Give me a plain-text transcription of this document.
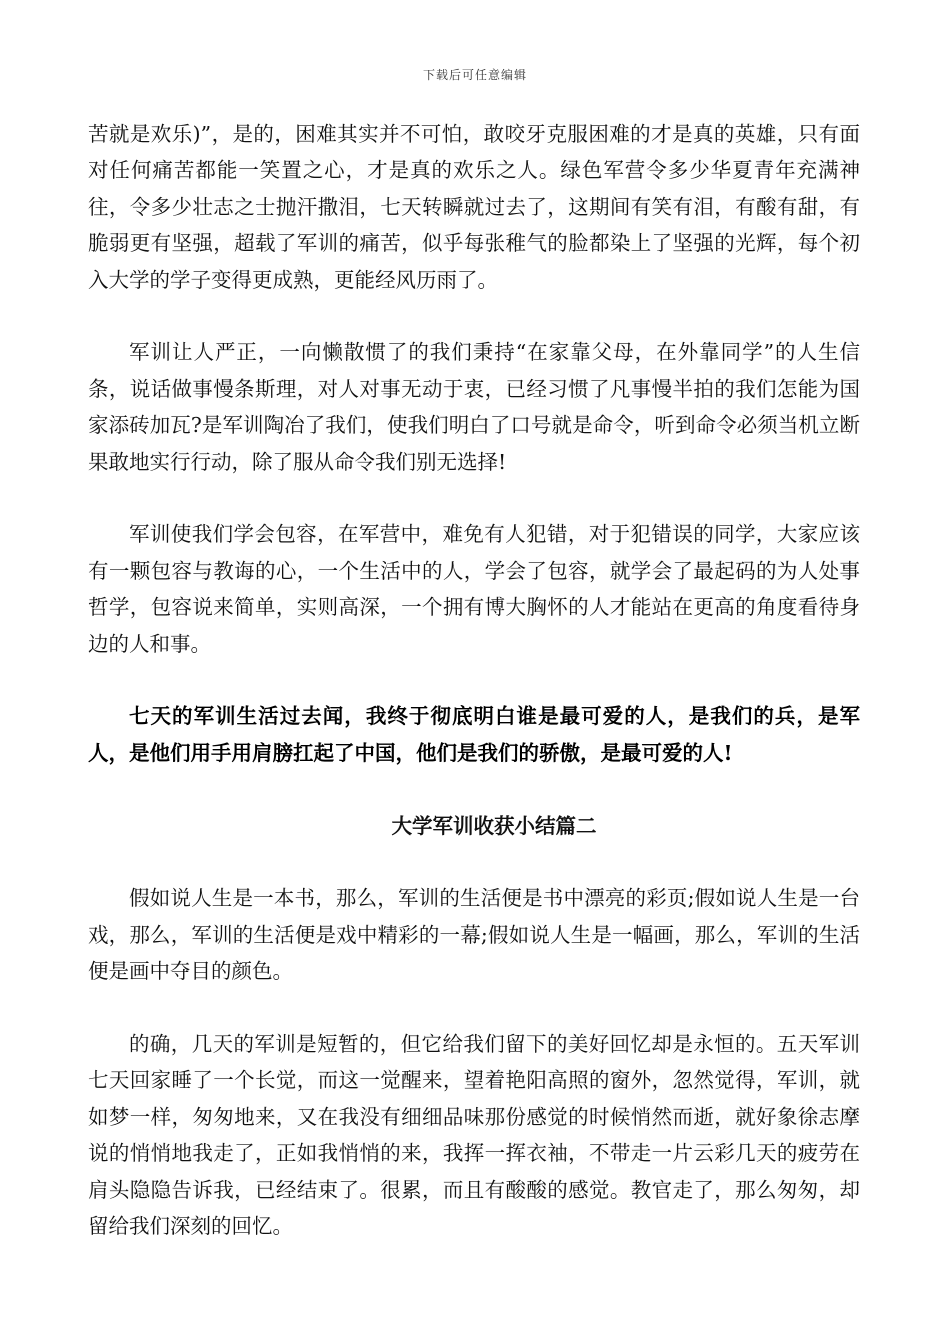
下载后可任意编辑

苦就是欢乐)”，是的，困难其实并不可怕，敢咬牙克服困难的才是真的英雄，只有面对任何痛苦都能一笑置之心，才是真的欢乐之人。绿色军营令多少华夏青年充满神往，令多少壮志之士抛汗撒泪，七天转瞬就过去了，这期间有笑有泪，有酸有甜，有脆弱更有坚强，超载了军训的痛苦，似乎每张稚气的脸都染上了坚强的光辉，每个初入大学的学子变得更成熟，更能经风历雨了。

军训让人严正，一向懒散惯了的我们秉持“在家靠父母，在外靠同学”的人生信条，说话做事慢条斯理，对人对事无动于衷，已经习惯了凡事慢半拍的我们怎能为国家添砖加瓦?是军训陶冶了我们，使我们明白了口号就是命令，听到命令必须当机立断果敢地实行行动，除了服从命令我们别无选择!

军训使我们学会包容，在军营中，难免有人犯错，对于犯错误的同学，大家应该有一颗包容与教诲的心，一个生活中的人，学会了包容，就学会了最起码的为人处事哲学，包容说来简单，实则高深，一个拥有博大胸怀的人才能站在更高的角度看待身边的人和事。

七天的军训生活过去闻，我终于彻底明白谁是最可爱的人，是我们的兵，是军人，是他们用手用肩膀扛起了中国，他们是我们的骄傲，是最可爱的人!

大学军训收获小结篇二

假如说人生是一本书，那么，军训的生活便是书中漂亮的彩页;假如说人生是一台戏，那么，军训的生活便是戏中精彩的一幕;假如说人生是一幅画，那么，军训的生活便是画中夺目的颜色。

的确，几天的军训是短暂的，但它给我们留下的美好回忆却是永恒的。五天军训七天回家睡了一个长觉，而这一觉醒来，望着艳阳高照的窗外，忽然觉得，军训，就如梦一样，匆匆地来，又在我没有细细品味那份感觉的时候悄然而逝，就好象徐志摩说的悄悄地我走了，正如我悄悄的来，我挥一挥衣袖，不带走一片云彩几天的疲劳在肩头隐隐告诉我，已经结束了。很累，而且有酸酸的感觉。教官走了，那么匆匆，却留给我们深刻的回忆。
